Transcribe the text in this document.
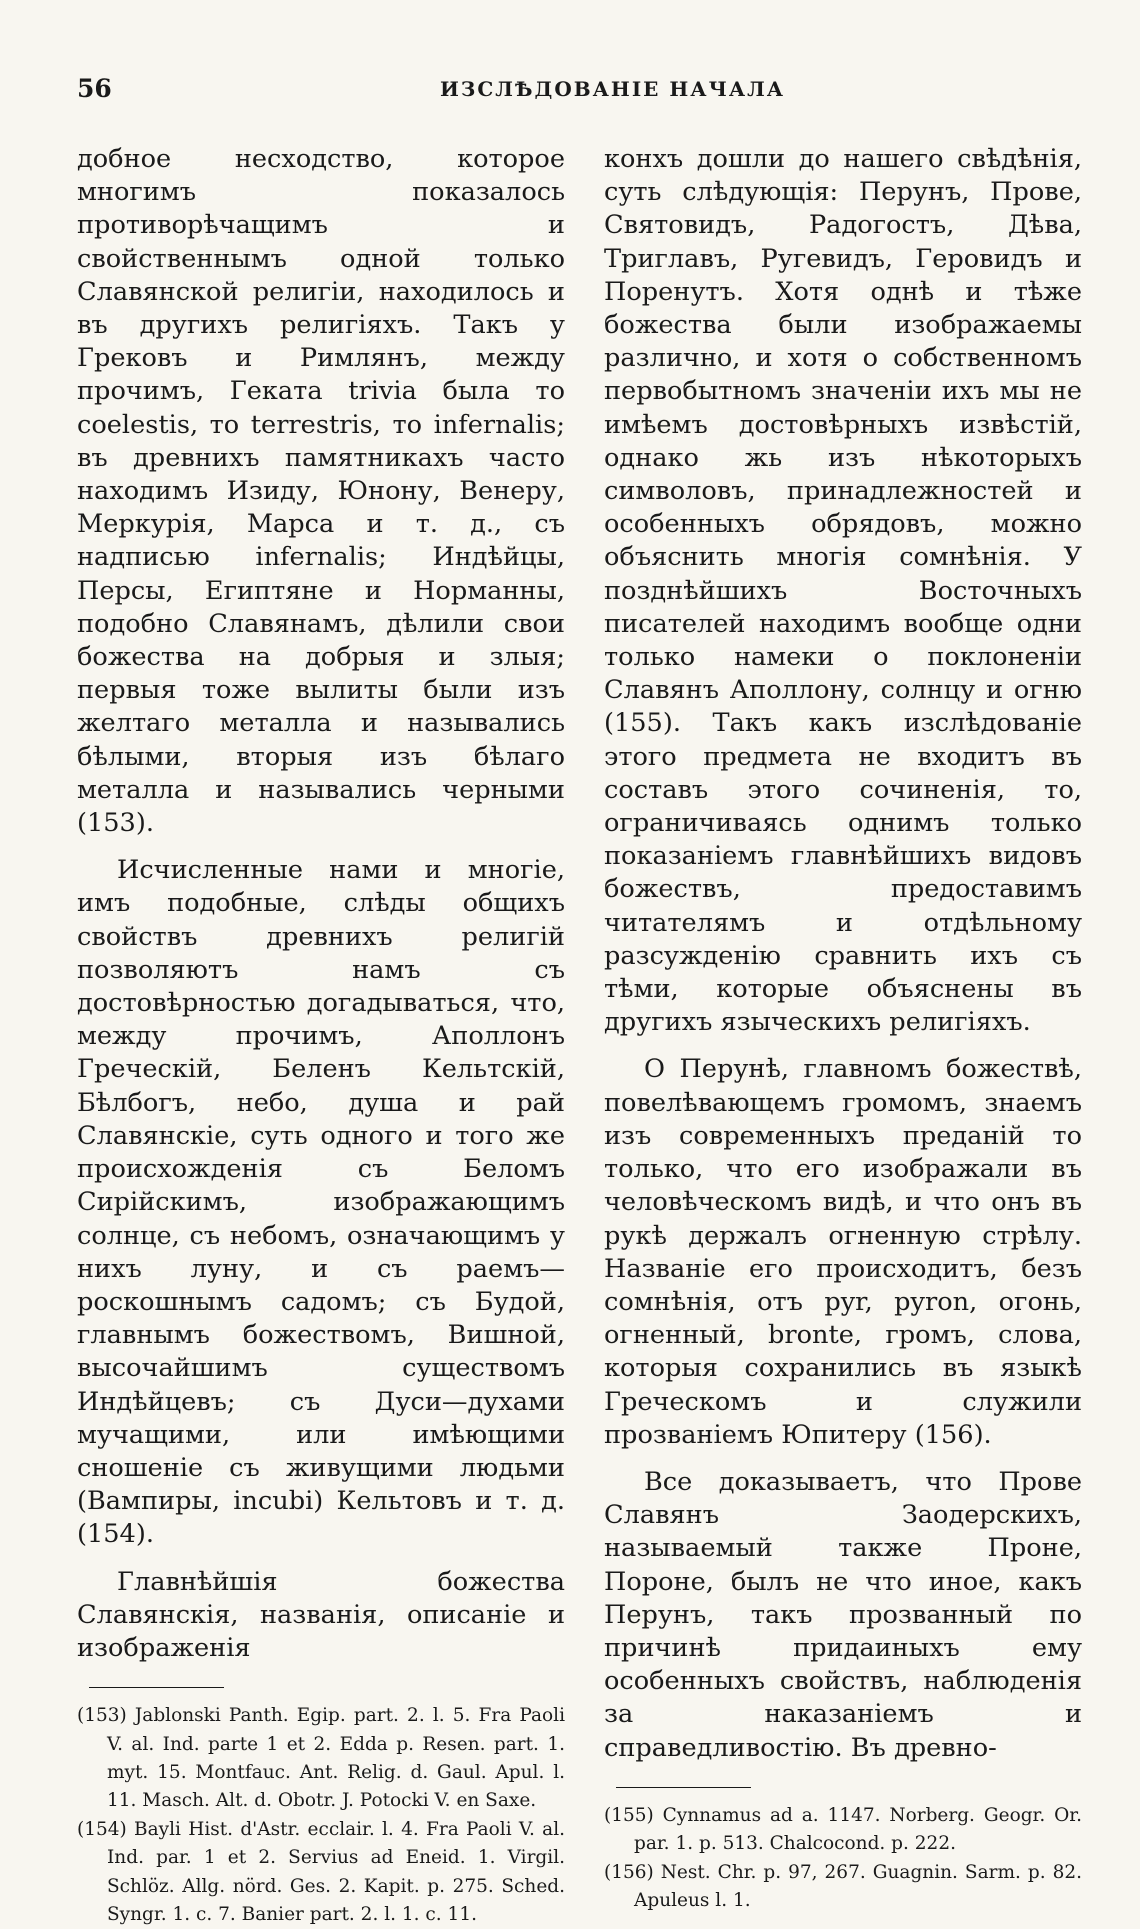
56	ИЗСЛѢДОВАНІЕ НАЧАЛА

добное несходство, которое многимъ показалось противорѣчащимъ и свойственнымъ одной только Славянской религіи, находилось и въ другихъ религіяхъ. Такъ у Грековъ и Римлянъ, между прочимъ, Геката trivia была то coelestis, то terrestris, то infernalis; въ древнихъ памятникахъ часто находимъ Изиду, Юнону, Венеру, Меркурія, Марса и т. д., съ надписью infernalis; Индѣйцы, Персы, Египтяне и Норманны, подобно Славянамъ, дѣлили свои божества на добрыя и злыя; первыя тоже вылиты были изъ желтаго металла и назывались бѣлыми, вторыя изъ бѣлаго металла и назывались черными (153).

Исчисленные нами и многіе, имъ подобные, слѣды общихъ свойствъ древнихъ религій позволяютъ намъ съ достовѣрностью догадываться, что, между прочимъ, Аполлонъ Греческій, Беленъ Кельтскій, Бѣлбогъ, небо, душа и рай Славянскіе, суть одного и того же происхожденія съ Беломъ Сирійскимъ, изображающимъ солнце, съ небомъ, означающимъ у нихъ луну, и съ раемъ—роскошнымъ садомъ; съ Будой, главнымъ божествомъ, Вишной, высочайшимъ существомъ Индѣйцевъ; съ Дуси—духами мучащими, или имѣющими сношеніе съ живущими людьми (Вампиры, incubi) Кельтовъ и т. д. (154).

Главнѣйшія божества Славянскія, названія, описаніе и изображенія

(153) Jablonski Panth. Egip. part. 2. l. 5. Fra Paoli V. al. Ind. parte 1 et 2. Edda p. Resen. part. 1. myt. 15. Montfauc. Ant. Relig. d. Gaul. Apul. l. 11. Masch. Alt. d. Obotr. J. Potocki V. en Saxe.

(154) Bayli Hist. d'Astr. ecclair. l. 4. Fra Paoli V. al. Ind. par. 1 et 2. Servius ad Eneid. 1. Virgil. Schlöz. Allg. nörd. Ges. 2. Kapit. p. 275. Sched. Syngr. 1. c. 7. Banier part. 2. l. 1. c. 11.

конхъ дошли до нашего свѣдѣнія, суть слѣдующія: Перунъ, Прове, Святовидъ, Радогостъ, Дѣва, Триглавъ, Ругевидъ, Геровидъ и Поренутъ. Хотя однѣ и тѣже божества были изображаемы различно, и хотя о собственномъ первобытномъ значеніи ихъ мы не имѣемъ достовѣрныхъ извѣстій, однако жь изъ нѣкоторыхъ символовъ, принадлежностей и особенныхъ обрядовъ, можно объяснить многія сомнѣнія. У позднѣйшихъ Восточныхъ писателей находимъ вообще одни только намеки о поклоненіи Славянъ Аполлону, солнцу и огню (155). Такъ какъ изслѣдованіе этого предмета не входитъ въ составъ этого сочиненія, то, ограничиваясь однимъ только показаніемъ главнѣйшихъ видовъ божествъ, предоставимъ читателямъ и отдѣльному разсужденію сравнить ихъ съ тѣми, которые объяснены въ другихъ языческихъ религіяхъ.

О Перунѣ, главномъ божествѣ, повелѣвающемъ громомъ, знаемъ изъ современныхъ преданій то только, что его изображали въ человѣческомъ видѣ, и что онъ въ рукѣ держалъ огненную стрѣлу. Названіе его происходитъ, безъ сомнѣнія, отъ pyr, pyron, огонь, огненный, bronte, громъ, слова, которыя сохранились въ языкѣ Греческомъ и служили прозваніемъ Юпитеру (156).

Все доказываетъ, что Прове Славянъ Заодерскихъ, называемый также Проне, Пороне, былъ не что иное, какъ Перунъ, такъ прозванный по причинѣ придаиныхъ ему особенныхъ свойствъ, наблюденія за наказаніемъ и справедливостію. Въ древно-

(155) Cynnamus ad a. 1147. Norberg. Geogr. Or. par. 1. p. 513. Chalcocond. p. 222.

(156) Nest. Chr. p. 97, 267. Guagnin. Sarm. p. 82. Apuleus l. 1.
